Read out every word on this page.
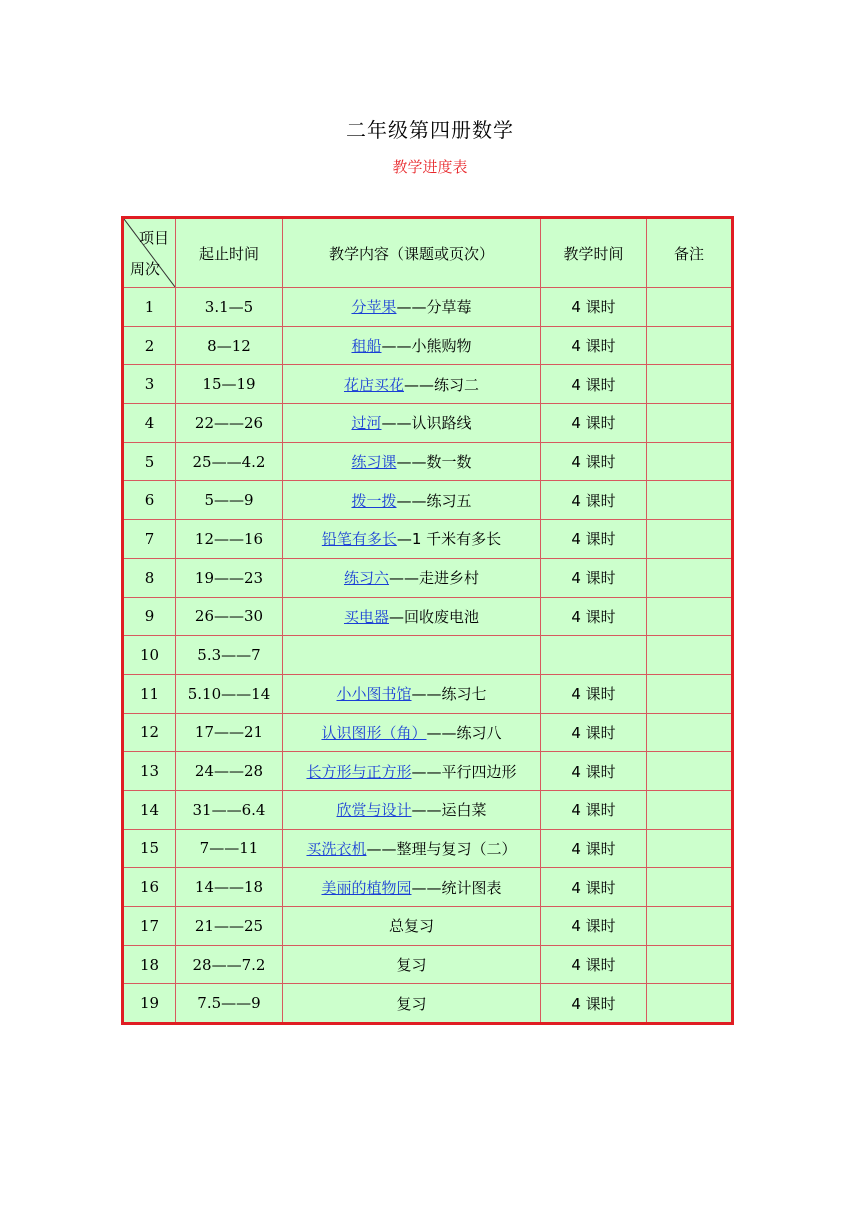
二年级第四册数学
教学进度表
项目
周次	起止时间	教学内容（课题或页次）	教学时间	备注
1	3.1—5	分苹果——分草莓	4 课时	
2	8—12	租船——小熊购物	4 课时	
3	15—19	花店买花——练习二	4 课时	
4	22——26	过河——认识路线	4 课时	
5	25——4.2	练习课——数一数	4 课时	
6	5——9	拨一拨——练习五	4 课时	
7	12——16	铅笔有多长—1 千米有多长	4 课时	
8	19——23	练习六——走进乡村	4 课时	
9	26——30	买电器—回收废电池	4 课时	
10	5.3——7			
11	5.10——14	小小图书馆——练习七	4 课时	
12	17——21	认识图形（角）——练习八	4 课时	
13	24——28	长方形与正方形——平行四边形	4 课时	
14	31——6.4	欣赏与设计——运白菜	4 课时	
15	7——11	买洗衣机——整理与复习（二）	4 课时	
16	14——18	美丽的植物园——统计图表	4 课时	
17	21——25	总复习	4 课时	
18	28——7.2	复习	4 课时	
19	7.5——9	复习	4 课时	
